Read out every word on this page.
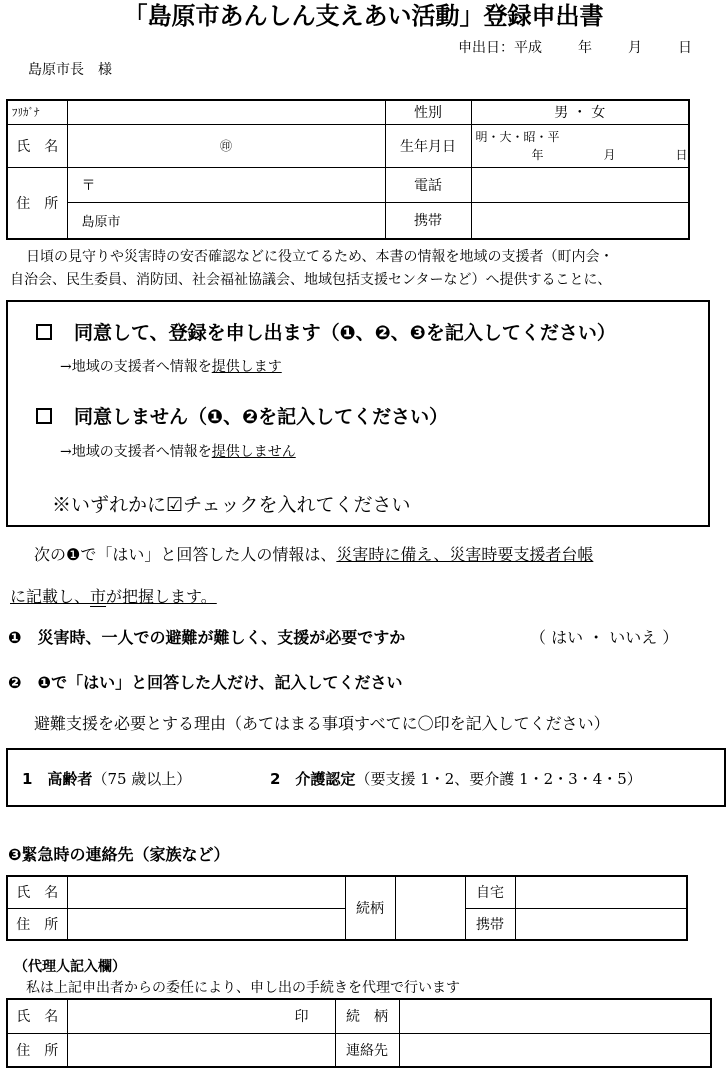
「島原市あんしん支えあい活動」登録申出書
申出日：平成	年	月	日
島原市長　様
ﾌﾘｶﾞﾅ		性別	男 ・ 女
氏　名	㊞	生年月日	明・大・昭・平
年 月 日

住　所	〒	電話	
	島原市	携帯	
日頃の見守りや災害時の安否確認などに役立てるため、本書の情報を地域の支援者（町内会・
自治会、民生委員、消防団、社会福祉協議会、地域包括支援センターなど）へ提供することに、
同意して、登録を申し出ます（❶、❷、❸を記入してください）
→地域の支援者へ情報を提供します
同意しません（❶、❷を記入してください）
→地域の支援者へ情報を提供しません
※いずれかに☑チェックを入れてください
次の❶で「はい」と回答した人の情報は、災害時に備え、災害時要支援者台帳
に記載し、市が把握します。
❶　災害時、一人での避難が難しく、支援が必要ですか	（ はい ・ いいえ ）
❷　❶で「はい」と回答した人だけ、記入してください
避難支援を必要とする理由（あてはまる事項すべてに〇印を記入してください）
1　高齢者（75 歳以上）	2　介護認定（要支援 1・2、要介護 1・2・3・4・5）
❸緊急時の連絡先（家族など）
氏　名		続柄		自宅	
住　所				携帯	
（代理人記入欄）
私は上記申出者からの委任により、申し出の手続きを代理で行います
氏　名	印	続　柄	
住　所		連絡先	
